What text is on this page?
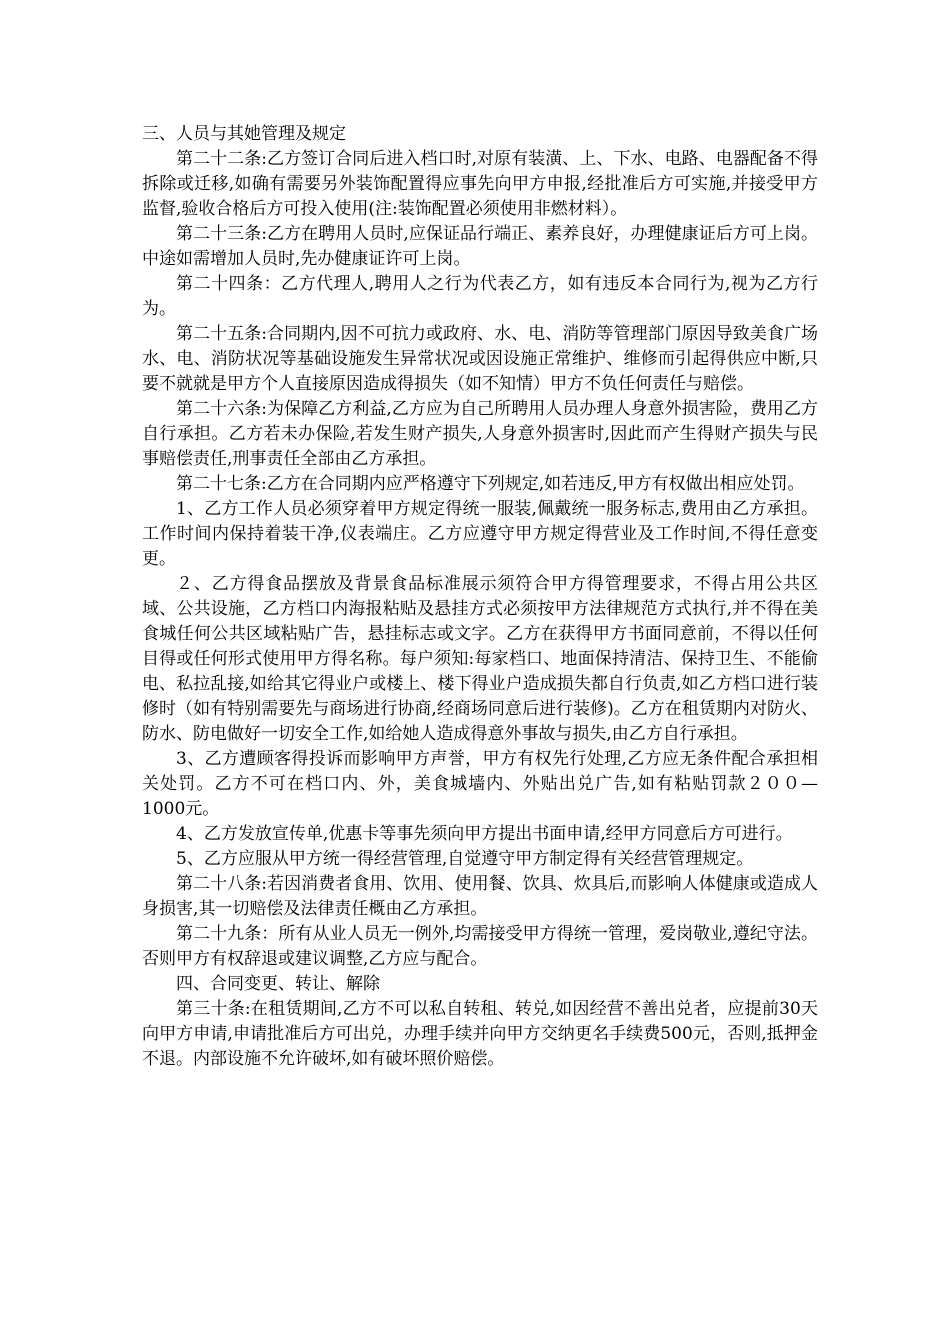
三、人员与其她管理及规定

第二十二条:乙方签订合同后进入档口时,对原有装潢、上、下水、电路、电器配备不得拆除或迁移,如确有需要另外装饰配置得应事先向甲方申报,经批准后方可实施,并接受甲方监督,验收合格后方可投入使用(注:装饰配置必须使用非燃材料）。

第二十三条:乙方在聘用人员时,应保证品行端正、素养良好，办理健康证后方可上岗。中途如需增加人员时,先办健康证许可上岗。

第二十四条：乙方代理人,聘用人之行为代表乙方，如有违反本合同行为,视为乙方行为。

第二十五条:合同期内,因不可抗力或政府、水、电、消防等管理部门原因导致美食广场水、电、消防状况等基础设施发生异常状况或因设施正常维护、维修而引起得供应中断,只要不就就是甲方个人直接原因造成得损失（如不知情）甲方不负任何责任与赔偿。

第二十六条:为保障乙方利益,乙方应为自己所聘用人员办理人身意外损害险，费用乙方自行承担。乙方若未办保险,若发生财产损失,人身意外损害时,因此而产生得财产损失与民事赔偿责任,刑事责任全部由乙方承担。

第二十七条:乙方在合同期内应严格遵守下列规定,如若违反,甲方有权做出相应处罚。

1、乙方工作人员必须穿着甲方规定得统一服装,佩戴统一服务标志,费用由乙方承担。工作时间内保持着装干净,仪表端庄。乙方应遵守甲方规定得营业及工作时间,不得任意变更。

２、乙方得食品摆放及背景食品标准展示须符合甲方得管理要求，不得占用公共区域、公共设施，乙方档口内海报粘贴及悬挂方式必须按甲方法律规范方式执行,并不得在美食城任何公共区域粘贴广告，悬挂标志或文字。乙方在获得甲方书面同意前，不得以任何目得或任何形式使用甲方得名称。每户须知:每家档口、地面保持清洁、保持卫生、不能偷电、私拉乱接,如给其它得业户或楼上、楼下得业户造成损失都自行负责,如乙方档口进行装修时（如有特别需要先与商场进行协商,经商场同意后进行装修)。乙方在租赁期内对防火、防水、防电做好一切安全工作,如给她人造成得意外事故与损失,由乙方自行承担。

3、乙方遭顾客得投诉而影响甲方声誉，甲方有权先行处理,乙方应无条件配合承担相关处罚。乙方不可在档口内、外，美食城墙内、外贴出兑广告,如有粘贴罚款２００—1000元。

4、乙方发放宣传单,优惠卡等事先须向甲方提出书面申请,经甲方同意后方可进行。

5、乙方应服从甲方统一得经营管理,自觉遵守甲方制定得有关经营管理规定。

第二十八条:若因消费者食用、饮用、使用餐、饮具、炊具后,而影响人体健康或造成人身损害,其一切赔偿及法律责任概由乙方承担。

第二十九条：所有从业人员无一例外,均需接受甲方得统一管理，爱岗敬业,遵纪守法。否则甲方有权辞退或建议调整,乙方应与配合。

四、合同变更、转让、解除

第三十条:在租赁期间,乙方不可以私自转租、转兑,如因经营不善出兑者，应提前30天向甲方申请,申请批准后方可出兑，办理手续并向甲方交纳更名手续费500元，否则,抵押金不退。内部设施不允许破坏,如有破坏照价赔偿。
